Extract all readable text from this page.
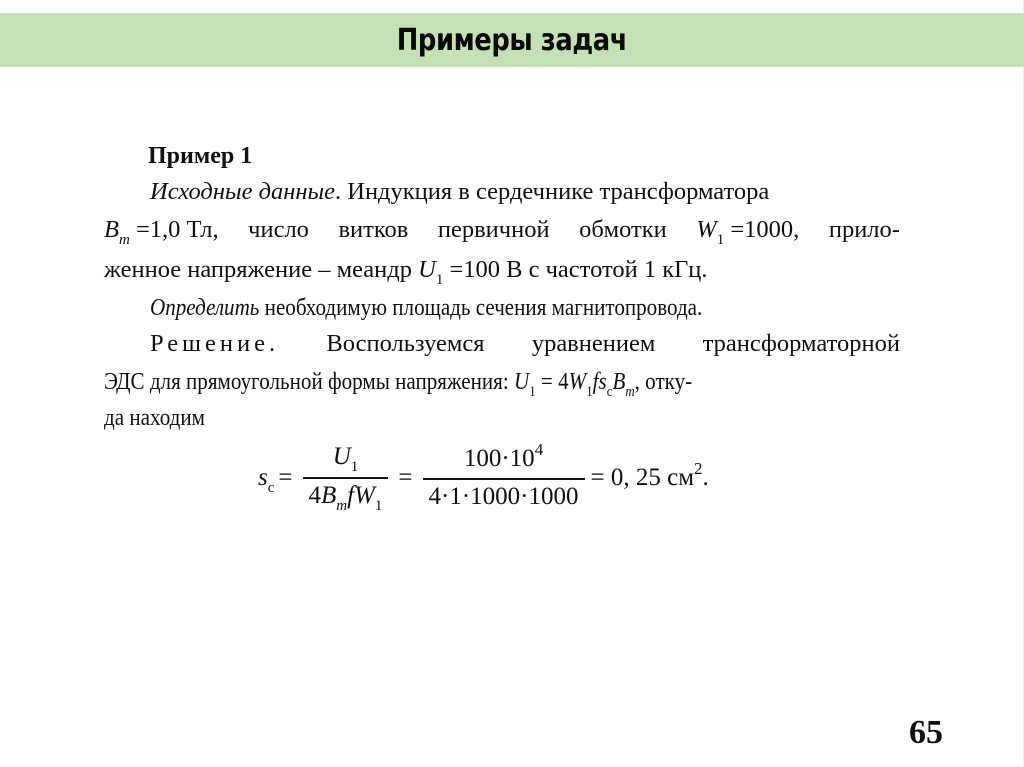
Примеры задач
Пример 1
Исходные данные. Индукция в сердечнике трансформатора
$B_m =1,0$ Тл, число витков первичной обмотки $W_1 =1000$, прило-
женное напряжение – меандр $U_1 =100$ В с частотой 1 кГц.
Определить необходимую площадь сечения магнитопровода.
Решение. Воспользуемся уравнением трансформаторной
ЭДС для прямоугольной формы напряжения: $U_1 = 4W_1fs_cB_m$, отку-
да находим
$s_c = \frac{U_1}{4B_mfW_1} = \frac{100\cdot 10^4}{4\cdot 1\cdot 1000\cdot 1000} = 0$, 25 $см^2$.
65
